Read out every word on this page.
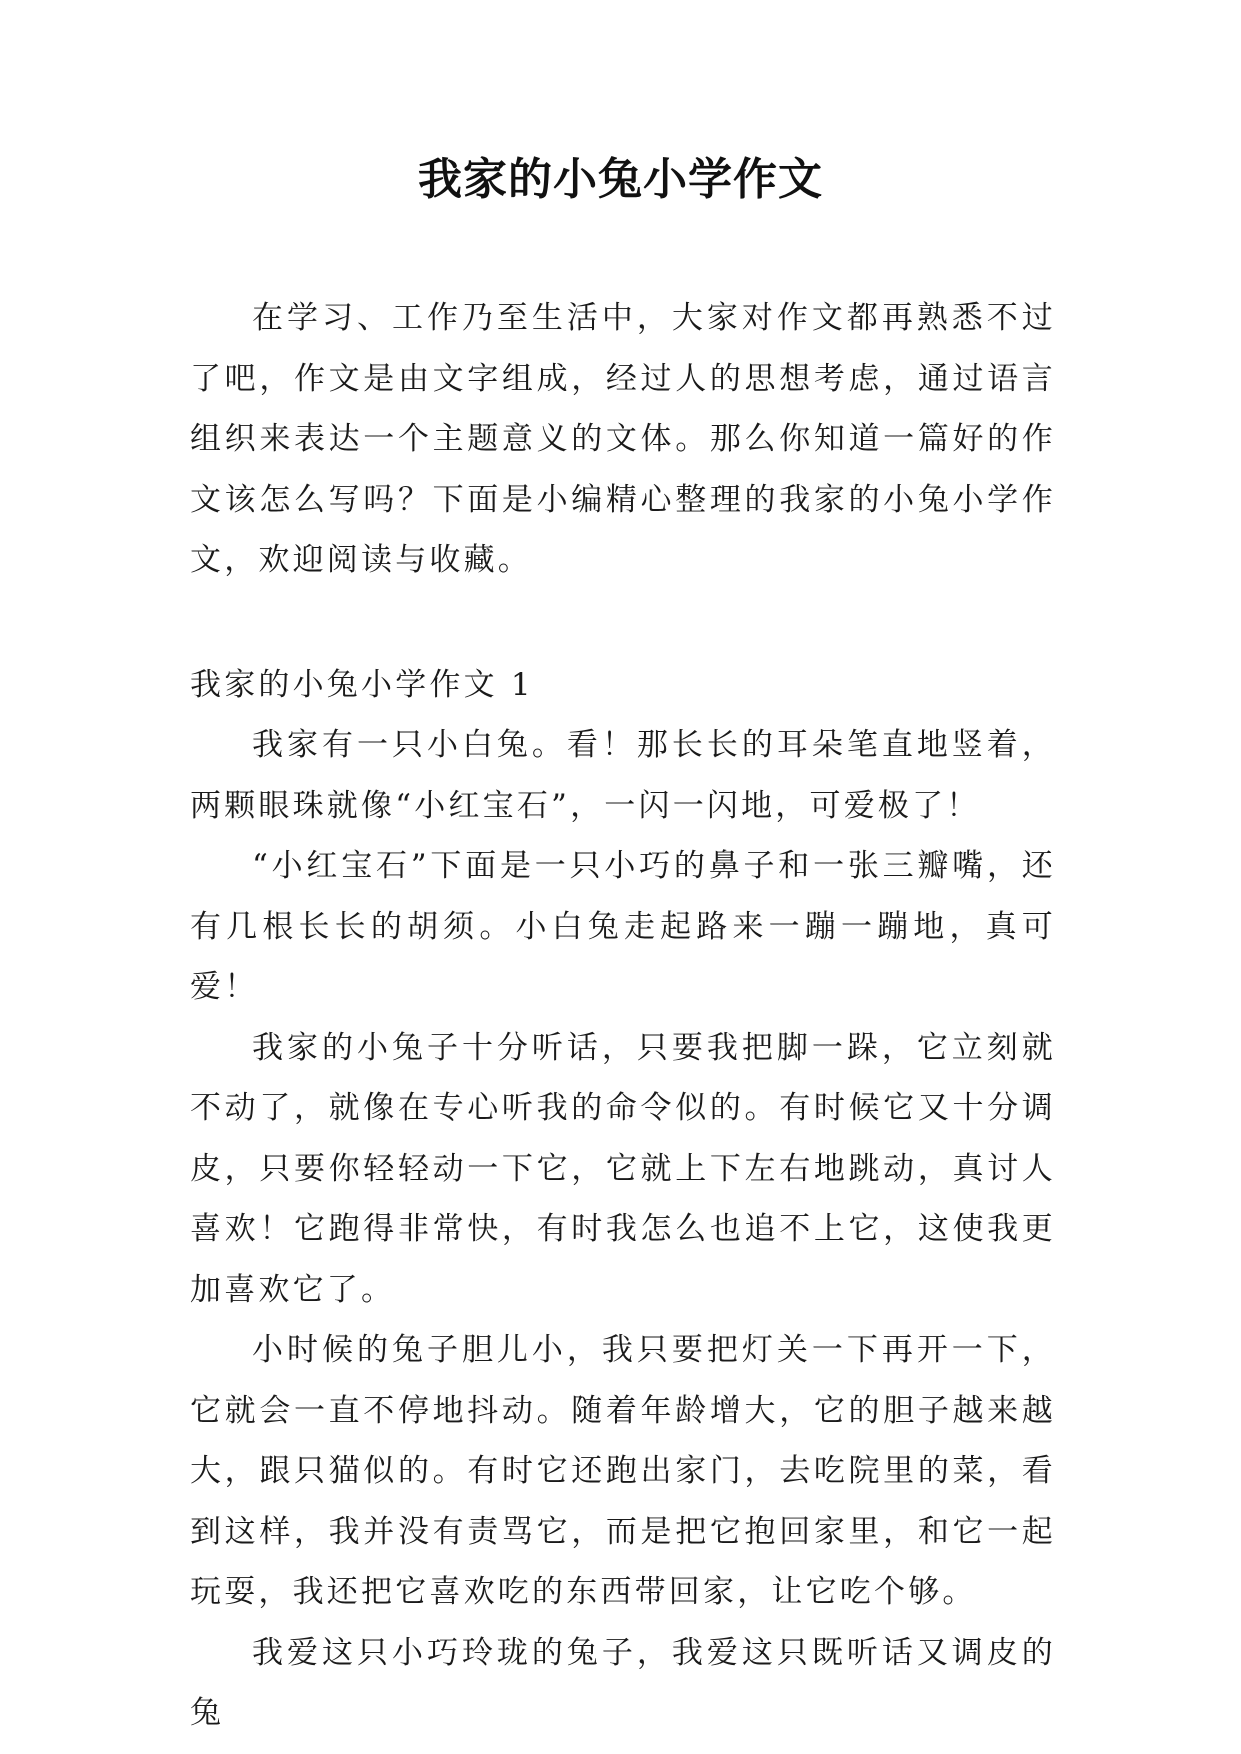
我家的小兔小学作文

在学习、工作乃至生活中，大家对作文都再熟悉不过了吧，作文是由文字组成，经过人的思想考虑，通过语言组织来表达一个主题意义的文体。那么你知道一篇好的作文该怎么写吗？下面是小编精心整理的我家的小兔小学作文，欢迎阅读与收藏。

我家的小兔小学作文 1

我家有一只小白兔。看！那长长的耳朵笔直地竖着，两颗眼珠就像“小红宝石”，一闪一闪地，可爱极了！

“小红宝石”下面是一只小巧的鼻子和一张三瓣嘴，还有几根长长的胡须。小白兔走起路来一蹦一蹦地，真可爱！

我家的小兔子十分听话，只要我把脚一跺，它立刻就不动了，就像在专心听我的命令似的。有时候它又十分调皮，只要你轻轻动一下它，它就上下左右地跳动，真讨人喜欢！它跑得非常快，有时我怎么也追不上它，这使我更加喜欢它了。

小时候的兔子胆儿小，我只要把灯关一下再开一下，它就会一直不停地抖动。随着年龄增大，它的胆子越来越大，跟只猫似的。有时它还跑出家门，去吃院里的菜，看到这样，我并没有责骂它，而是把它抱回家里，和它一起玩耍，我还把它喜欢吃的东西带回家，让它吃个够。

我爱这只小巧玲珑的兔子，我爱这只既听话又调皮的兔
